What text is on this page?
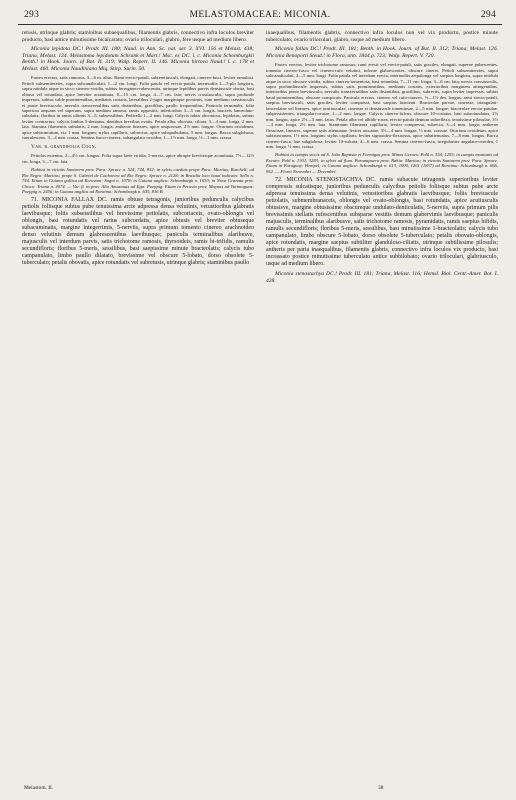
293	MELASTOMACEAE: MICONIA.	294

retusis, utrinque glabris; staminibus subaequalibus, filamentis glabris, connectivo infra loculos breviter producto, basi antice minutissime bicalcarato; ovario triloculari, glabro, fere usque ad medium libero.

Miconia lepidota DC.! Prodr. III. 180; Naud. in Ann. Sc. nat. ser. 3. XVI. 156 et Melast. 438; Triana, Melast. 124. Melastoma lepidotum Schrank et Mart.! Msc. ex DC. l. c. Miconia Schomburgkii Benth.! in Hook. Journ. of Bot. II. 319; Walp. Repert. II. 146. Miconia hirtova Naud.! l. c. 178 et Melast. 460. Miconia Naudiniana Miq. Stirp. Surin. 50.

Frutex erectus, satis ramosus, 3—6 m. altus. Rami erecto-patuli, subteretiusculi, elongati, cinereo-fusci, leviter ramulosi. Petioli subsemiteretes, supra subcanaliculati, 1—2 cm. longi. Folia patula vel erecto-patula, internodiis 2—5-plo longiora, supra nitidula atque in sicco cinereo-viridia, subtus ferrugineo-rubescentia, utrinque lepidibus parvis densiuscule obsita, basi obtusa vel rotundata, apice breviter acuminata, 8—15 cm. longa, 4—7 cm. lata; nervis crassiusculis, supra profunde impressis, subtus valde prominentibus, medianis costatis, lateralibus 2-jugis marginique proximis, cum mediano crassiusculis et ponte breviusculo; nervulis transversalibus satis distantibus, gracilibus, paullo frequentibus. Panicula terminalis, folia superiora aequans vel superans, supra medium ramosa, ramis oppositis, inferioribus 3—5 cm. longis, bracteis lanceolato-subulatis; floribus in ramis ultimis 3—5, subsessilibus. Pedicelli 1—2 mm. longi. Calycis tubus obconicus, lepidotus, subtus leviter contractus; calycis limbus 5-dentatus, dentibus brevibus ovatis. Petala alba, obovata, ciliata, 3—4 mm. longa, 2 mm. lata. Stamina filamentis subulatis, 2 mm. longis; antherae lineares, apice uniporosae, 2½ mm. longae. Ovarium ovoideum, apice subtruncatum, vix 1 mm. longum; stylus capillaris, subrectus, apice subspathulatus, 5 mm. longus. Bacca subglobosa, caerulescens, 3—4 mm. crassa. Semina fusco-cinerea, subangulato-ovoidea, 1—1½ mm. longa, ½—1 mm. crassa.

Var. β. grandifolia Cogn.

Petiolus extentus, 2—4½ cm. longus. Folia supra laete viridia, 5-nervia, apice abrupte breviterque acuminata, 7½—12½ cm. longa, 3—7 cm. lata.

Habitat in viciniis Santarem prov. Para: Spruce n. 524, 744, 832; in sylvis caeduis prope Para: Martius, Burchell; ad Rio Negro: Martius; prope S. Gabriel de Cachoeira ad Rio Negro: Spruce n. 2128; in Brasilia loco haud indicato: Sello n. 744. Etiam in Guiana gallica ad Kerovani: Sagot n. 1078; in Guiana anglica: Schomburgk n. 1030; in Nova Granata prov. Choco: Triana n. 4074. — Var. β. in prov. Alto Amazonas ad Ega: Poeppig. Etiam in Peruvia prov. Maynas ad Yurimaguas: Poeppig n. 2456; in Guiana anglica ad Roraima: Schomburgk n. 635, 836 B.

71. MICONIA FALLAX DC. ramis obtuse tetragonis, junioribus pedunculis calycibus petiolis foliisque subtus pube tenuissima arcte adpressa densa velutinis, vetustioribus glabratis laevibusque; foliis subsessilibus vel brevissime petiolatis, subcoriaceis, ovato-oblongis vel oblongis, basi rotundatis vel rarius subcordatis, apice obtusis vel breviter obtuseque subacuminatis, margine integerrimis, 5-nerviis, supra primum tomento cinereo arachnoideo denso velutinis demum glabrescentibus laevibusque; paniculis terminalibus alaribusve, majusculis vel interdum parvis, satis trichotome ramosis, thyrsoideis, ramis bi-trifidis, ramulis secundifloris; floribus 5-meris, sessilibus, basi saepissime minute bracteolatis; calycis tubo campanulato, limbo paullo dilatato, brevissime vel obscure 5-lobato, dorso obsolete 5-tuberculato; petalis obovatis, apice rotundatis vel subretusis, utrinque glabris; staminibus paullo

inaequalibus, filamentis glabris, connectivo infra loculos non vel vix producto, postice minute tuberculato; ovario triloculari, glabro, usque ad medium libero.

Miconia fallax DC.! Prodr. III. 181; Benth. in Hook. Journ. of Bot. II. 312; Triana, Melast. 126. Miconia Benoporti Steud.! in Flora, ann. 1844 p. 723; Walp. Repert. V. 720.

Frutex erectus, leviter trichotome ramosus; rami erecti vel erecto-patuli, satis graciles, elongati, superne pubescentes, tomento cinereo-fusco vel cinereo-rufo velutini, inferne glabrescentes, obscure cinerei. Petioli subsemiteretes, supra subcanaliculati, 2—5 mm. longi. Folia patula vel interdum erecta, internodiis aequilonga vel saepius longiora, supra nitidula atque in sicco obscure viridia, subtus cinereo-tomentosa, basi rotundata, 7—11 cm. longa, 3—6 cm. lata; nervis crassiusculis, supra profundiuscule impressis, subtus satis prominentibus, medianis costatis, exterioribus marginem attingentibus, interioribus ponte breviusculo; nervulis transversalibus satis distantibus, gracilibus, subrectis, supra leviter impressis, subtus haud prominentibus, obscure conspicuis. Panicula erectus, cinereo vel rufo-cinereo, ½—1½ dm. longus; rami erecto-patuli, saepius breviusculi, satis graciles, leviter compressi, basi saepius bracteati. Bracteolae parvae, cinereae, triangulari-lanceolatae vel lineares, apice acutiusculae, cinereae et densiuscule tomentosae, 2—5 mm. longae; bracteolae erecto-patulae, subpersistentes, triangulari-ovatae, 1—2 mm. longae. Calycis cinereo-fulvus, obscure 10-costatus, basi subrotundatus, 2½ mm. longus, apice 2½—3 mm. latus. Petala alba vel albido-rosea, erecto-patula demum subreflexa, tenuissime pilosulae, 3½—4 mm. longa, 2½ mm. lata. Staminum filamenta capillaria, leviter compressa, subrecta, 3—4 mm. longa; antherae flexuosae, lineares, superne satis attenuatae, leviter arcuatae, 3½—4 mm. longae, ⅓ mm. crassae. Ovarium ovoideum, apice subtruncatum, 1½ mm. longum; stylus capillaris, leviter sigmoideo-flexuosus, apice subattenuatus, 7—8 mm. longus. Bacca cinereo-fusca, late subglobosa, leviter 10-sulcata, 4—6 mm. crassa. Semina cinereo-fusca, irregulariter angulato-ovoidea, 1 mm. longa, ½ mm. crassa.

Habitat in campis siccis ad S. João Baptista et Formigas prov. Minas Geraes: Pohl n. 554, 1293; in campis montanis ad Escuro: Pohl n. 1301, 3283; in sylvis ad flum. Paranapuera prov. Bahia: Martius; in viciniis Santarem prov. Para: Spruce. Etiam in Paraguay: Hempel; in Guiana anglica: Schomburgk n. 613, 1090, 1261 (1837) ad Roraima: Schomburgk n. 666, 952. — Floret Novembri — Decembri.

72. MICONIA STENOSTACHYA DC. ramis subacute tetragonis superioribus leviter compressis sulcatisque, junioribus pedunculis calycibus petiolis foliisque subtus pube arcte adpressa tenuissima densa velutinis, vetustioribus glabratis laevibusque; foliis breviuscule petiolatis, submembranaceis, oblongis vel ovato-oblongis, basi rotundatis, apice acutiusculis obtusisve, margine obtusissime obscureque undulato-denticulatis, 5-nerviis, supra primum pilis brevissimis stellatis rufescentibus subsparse vestitis demum glabervimis laevibusque; paniculis majusculis, terminalibus alaribusve, satis trichotome ramosis, pyramidatis, ramis saepius bifidis, ramulis secundifloris; floribus 5-meris, sessilibus, basi minutissime 1-bracteolatis; calycis tubo campanulato, limbo obscure 5-lobato, dorso obsolete 5-tuberculato; petalis obovato-oblongis, apice rotundatis, margine saepius subtiliter glanduloso-ciliatis, utrinque subtilissime pilosulis; antheris per paria inaequalibus, filamentis glabris, connectivo infra loculos vix producto, basi incrassato postice minutissime tuberculato antice subbilobato; ovario triloculari, glabriusculo, usque ad medium libero.

Miconia stenostachya DC.! Prodr. III. 181; Triana, Melast. 116; Hemsl. Biol. Centr.-Amer. Bot. I. 428.

Melastom. II.	38
